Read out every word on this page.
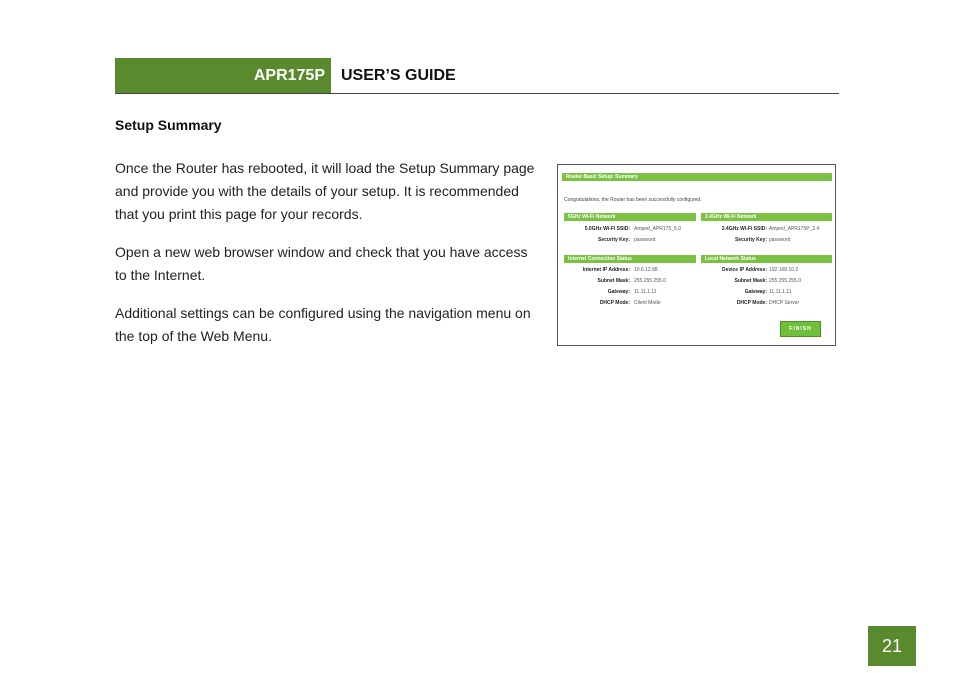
APR175P	USER’S GUIDE
Setup Summary
Once the Router has rebooted, it will load the Setup Summary page and provide you with the details of your setup. It is recommended that you print this page for your records.
Open a new web browser window and check that you have access to the Internet.
Additional settings can be configured using the navigation menu on the top of the Web Menu.
Router Basic Setup: Summary
Congratulations, the Router has been successfully configured.
5GHz Wi-Fi Network
5.0GHz Wi-Fi SSID: Amped_APR175_5.0
Security Key: password
2.4GHz Wi-Fi Network
2.4GHz Wi-Fi SSID: Amped_APR175P_2.4
Security Key: password
Internet Connection Status
Internet IP Address: 10.6.12.88
Subnet Mask: 255.255.255.0
Gateway: 11.11.1.11
DHCP Mode: Client Mode
Local Network Status
Device IP Address: 192.168.10.2
Subnet Mask: 255.255.255.0
Gateway: 11.11.1.11
DHCP Mode: DHCP Server
FINISH
21
